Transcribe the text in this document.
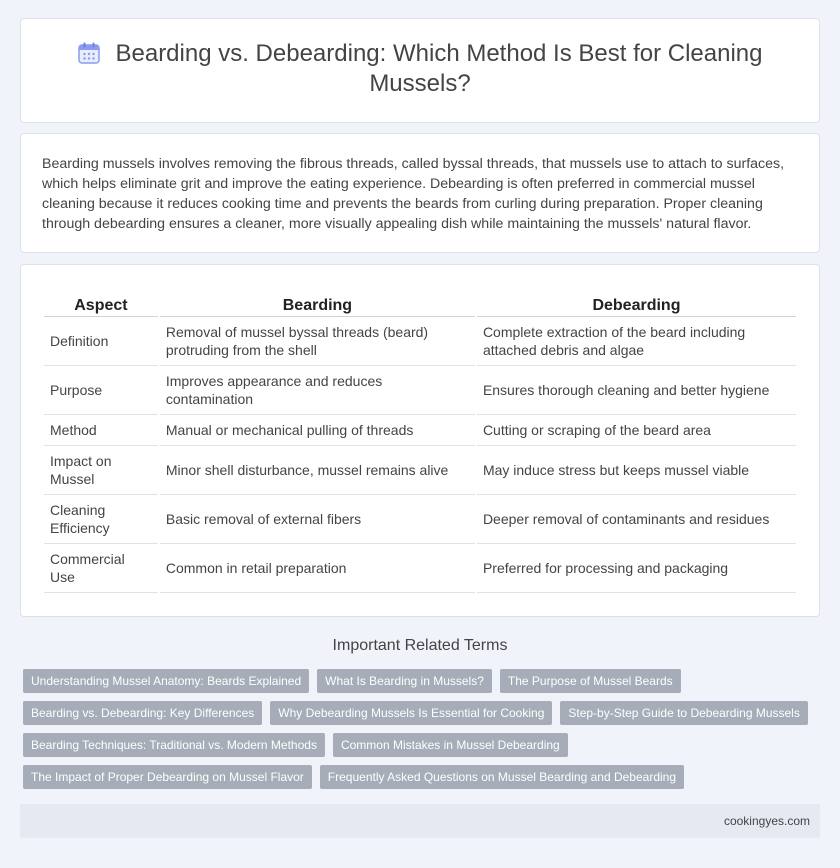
Bearding vs. Debearding: Which Method Is Best for Cleaning Mussels?

Bearding mussels involves removing the fibrous threads, called byssal threads, that mussels use to attach to surfaces, which helps eliminate grit and improve the eating experience. Debearding is often preferred in commercial mussel cleaning because it reduces cooking time and prevents the beards from curling during preparation. Proper cleaning through debearding ensures a cleaner, more visually appealing dish while maintaining the mussels' natural flavor.

Aspect	Bearding	Debearding
Definition	Removal of mussel byssal threads (beard) protruding from the shell	Complete extraction of the beard including attached debris and algae
Purpose	Improves appearance and reduces contamination	Ensures thorough cleaning and better hygiene
Method	Manual or mechanical pulling of threads	Cutting or scraping of the beard area
Impact on Mussel	Minor shell disturbance, mussel remains alive	May induce stress but keeps mussel viable
Cleaning Efficiency	Basic removal of external fibers	Deeper removal of contaminants and residues
Commercial Use	Common in retail preparation	Preferred for processing and packaging
Important Related Terms
Understanding Mussel Anatomy: Beards Explained	What Is Bearding in Mussels?	The Purpose of Mussel Beards
Bearding vs. Debearding: Key Differences	Why Debearding Mussels Is Essential for Cooking	Step-by-Step Guide to Debearding Mussels
Bearding Techniques: Traditional vs. Modern Methods	Common Mistakes in Mussel Debearding
The Impact of Proper Debearding on Mussel Flavor	Frequently Asked Questions on Mussel Bearding and Debearding
cookingyes.com
